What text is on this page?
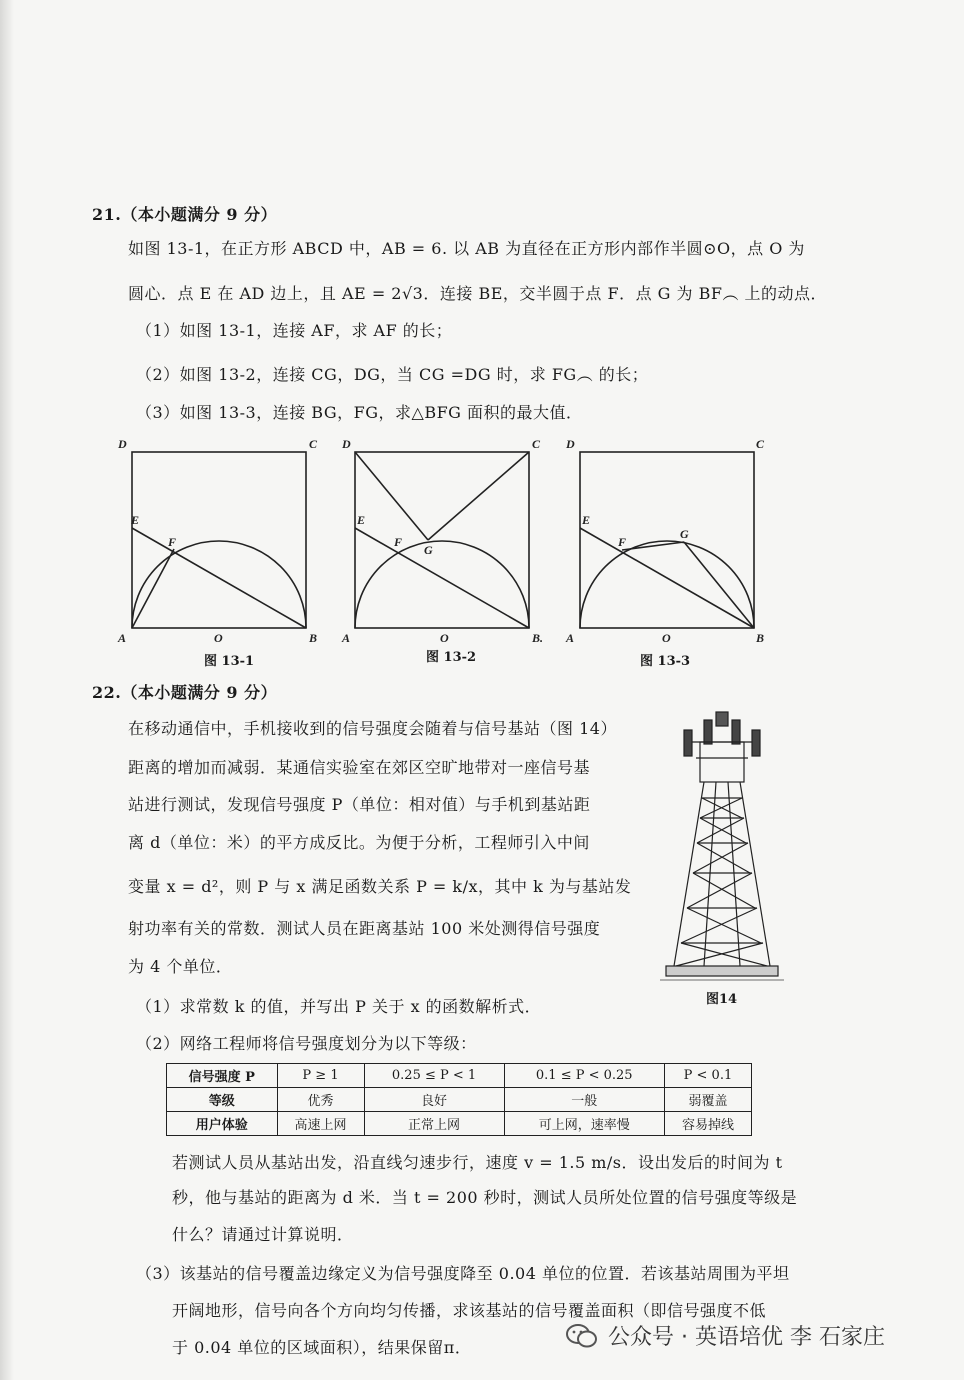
21.（本小题满分 9 分）
如图 13-1，在正方形 ABCD 中，AB = 6. 以 AB 为直径在正方形内部作半圆⊙O，点 O 为
圆心．点 E 在 AD 边上，且 AE = 2√3．连接 BE，交半圆于点 F．点 G 为 BF︵ 上的动点．
（1）如图 13-1，连接 AF，求 AF 的长；
（2）如图 13-2，连接 CG，DG，当 CG =DG 时，求 FG︵ 的长；
（3）如图 13-3，连接 BG，FG，求△BFG 面积的最大值．
D	C
E
F
A	O	B
D	C
E
F
G
A	O	B.
D	C
E
F
G
A	O	B
图 13-1	图 13-2	图 13-3
22.（本小题满分 9 分）
在移动通信中，手机接收到的信号强度会随着与信号基站（图 14）
距离的增加而减弱．某通信实验室在郊区空旷地带对一座信号基
站进行测试，发现信号强度 P（单位：相对值）与手机到基站距
离 d（单位：米）的平方成反比。为便于分析，工程师引入中间
变量 x = d²，则 P 与 x 满足函数关系 P = k/x，其中 k 为与基站发
射功率有关的常数．测试人员在距离基站 100 米处测得信号强度
为 4 个单位．
图14
（1）求常数 k 的值，并写出 P 关于 x 的函数解析式．
（2）网络工程师将信号强度划分为以下等级：
信号强度 P	P ≥ 1	0.25 ≤ P < 1	0.1 ≤ P < 0.25	P < 0.1
等级	优秀	良好	一般	弱覆盖
用户体验	高速上网	正常上网	可上网，速率慢	容易掉线
若测试人员从基站出发，沿直线匀速步行，速度 v = 1.5 m/s．设出发后的时间为 t
秒，他与基站的距离为 d 米．当 t = 200 秒时，测试人员所处位置的信号强度等级是
什么？请通过计算说明．
（3）该基站的信号覆盖边缘定义为信号强度降至 0.04 单位的位置．若该基站周围为平坦
开阔地形，信号向各个方向均匀传播，求该基站的信号覆盖面积（即信号强度不低
于 0.04 单位的区域面积），结果保留π．	公众号 · 英语培优 李 石家庄
